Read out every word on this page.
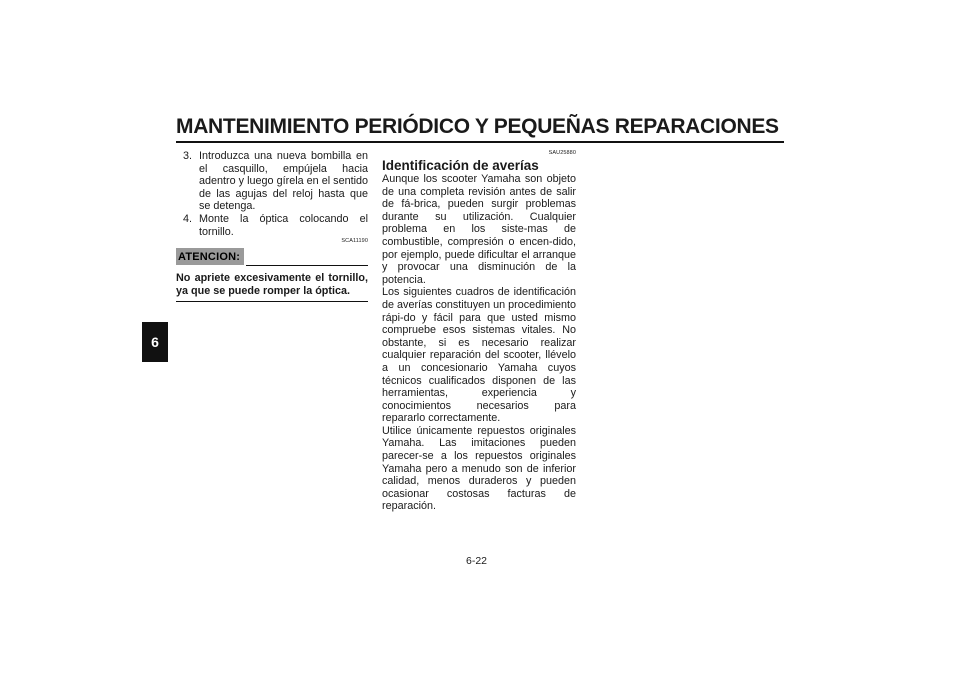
MANTENIMIENTO PERIÓDICO Y PEQUEÑAS REPARACIONES
6
3. Introduzca una nueva bombilla en el casquillo, empújela hacia adentro y luego gírela en el sentido de las agujas del reloj hasta que se detenga.
4. Monte la óptica colocando el tornillo.
SCA11190
ATENCION:
No apriete excesivamente el tornillo, ya que se puede romper la óptica.
SAU25880
Identificación de averías
Aunque los scooter Yamaha son objeto de una completa revisión antes de salir de fá-brica, pueden surgir problemas durante su utilización. Cualquier problema en los siste-mas de combustible, compresión o encen-dido, por ejemplo, puede dificultar el arranque y provocar una disminución de la potencia.
Los siguientes cuadros de identificación de averías constituyen un procedimiento rápi-do y fácil para que usted mismo compruebe esos sistemas vitales. No obstante, si es necesario realizar cualquier reparación del scooter, llévelo a un concesionario Yamaha cuyos técnicos cualificados disponen de las herramientas, experiencia y conocimientos necesarios para repararlo correctamente.
Utilice únicamente repuestos originales Yamaha. Las imitaciones pueden parecer-se a los repuestos originales Yamaha pero a menudo son de inferior calidad, menos duraderos y pueden ocasionar costosas facturas de reparación.
6-22
